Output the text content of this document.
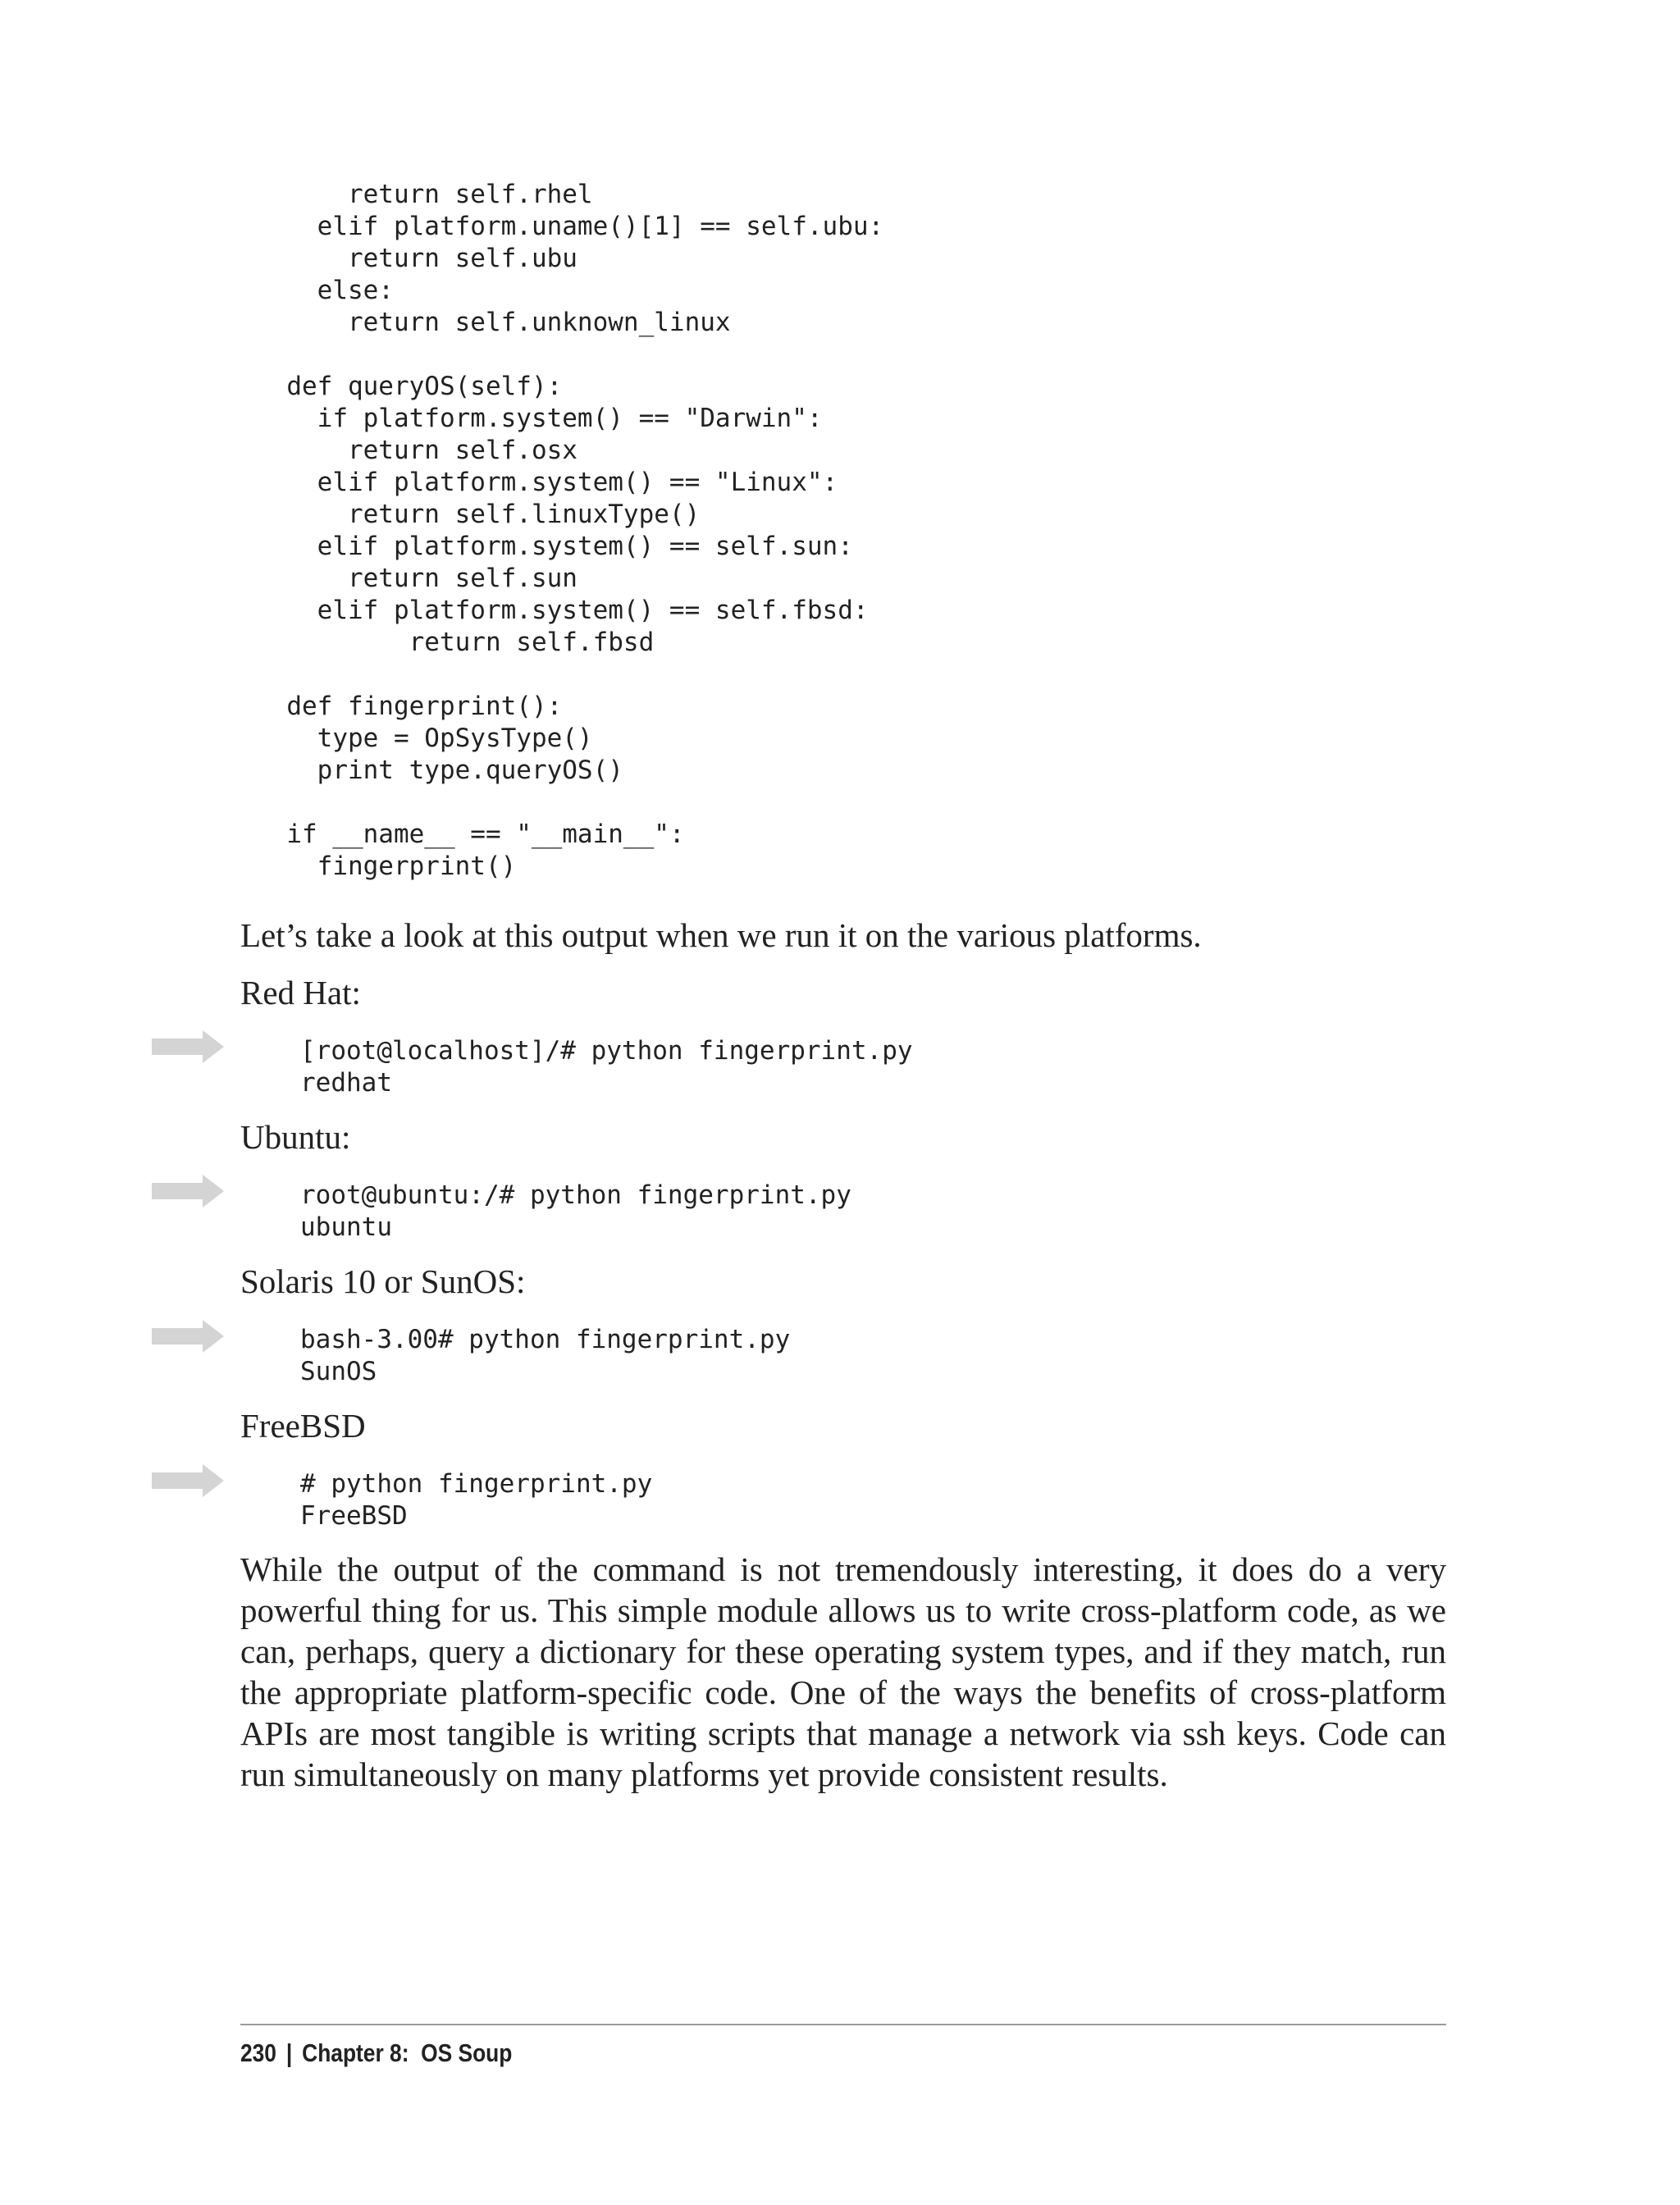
return self.rhel
elif platform.uname()[1] == self.ubu:
return self.ubu
else:
return self.unknown_linux

def queryOS(self):
if platform.system() == "Darwin":
return self.osx
elif platform.system() == "Linux":
return self.linuxType()
elif platform.system() == self.sun:
return self.sun
elif platform.system() == self.fbsd:
return self.fbsd

def fingerprint():
type = OpSysType()
print type.queryOS()

if __name__ == "__main__":
fingerprint()
Let’s take a look at this output when we run it on the various platforms.
Red Hat:
[root@localhost]/# python fingerprint.py
redhat
Ubuntu:
root@ubuntu:/# python fingerprint.py
ubuntu
Solaris 10 or SunOS:
bash-3.00# python fingerprint.py
SunOS
FreeBSD
# python fingerprint.py
FreeBSD

While the output of the command is not tremendously interesting, it does do a very powerful thing for us. This simple module allows us to write cross-platform code, as we can, perhaps, query a dictionary for these operating system types, and if they match, run the appropriate platform-specific code. One of the ways the benefits of cross-platform APIs are most tangible is writing scripts that manage a network via ssh keys. Code can run simultaneously on many platforms yet provide consistent results.

230 | Chapter 8:  OS Soup
